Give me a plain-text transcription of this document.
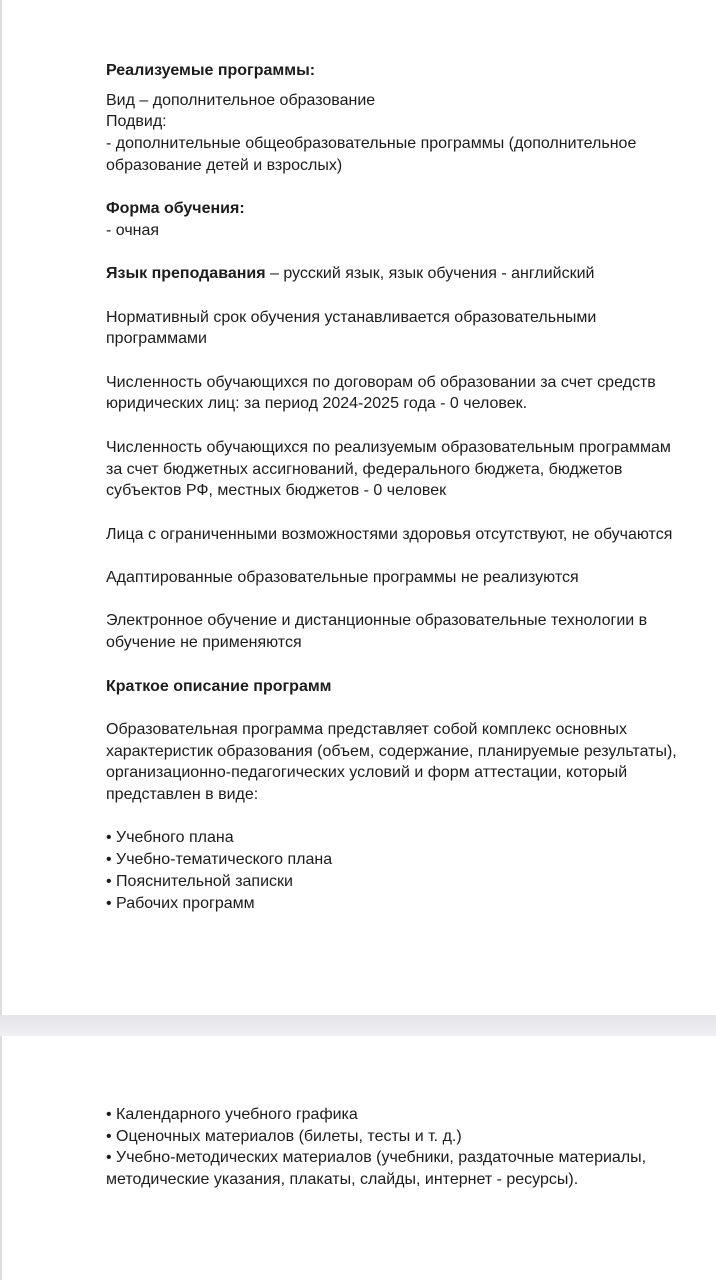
Реализуемые программы:

Вид – дополнительное образование

Подвид:

- дополнительные общеобразовательные программы (дополнительное образование детей и взрослых)

Форма обучения:

- очная

Язык преподавания – русский язык, язык обучения - английский

Нормативный срок обучения устанавливается образовательными программами

Численность обучающихся по договорам об образовании за счет средств юридических лиц: за период 2024-2025 года - 0 человек.

Численность обучающихся по реализуемым образовательным программам за счет бюджетных ассигнований, федерального бюджета, бюджетов субъектов РФ, местных бюджетов - 0 человек

Лица с ограниченными возможностями здоровья отсутствуют, не обучаются

Адаптированные образовательные программы не реализуются

Электронное обучение и дистанционные образовательные технологии в обучение не применяются

Краткое описание программ

Образовательная программа представляет собой комплекс основных характеристик образования (объем, содержание, планируемые результаты), организационно-педагогических условий и форм аттестации, который представлен в виде:

• Учебного плана

• Учебно-тематического плана

• Пояснительной записки

• Рабочих программ

• Календарного учебного графика

• Оценочных материалов (билеты, тесты и т. д.)

• Учебно-методических материалов (учебники, раздаточные материалы, методические указания, плакаты, слайды, интернет - ресурсы).
